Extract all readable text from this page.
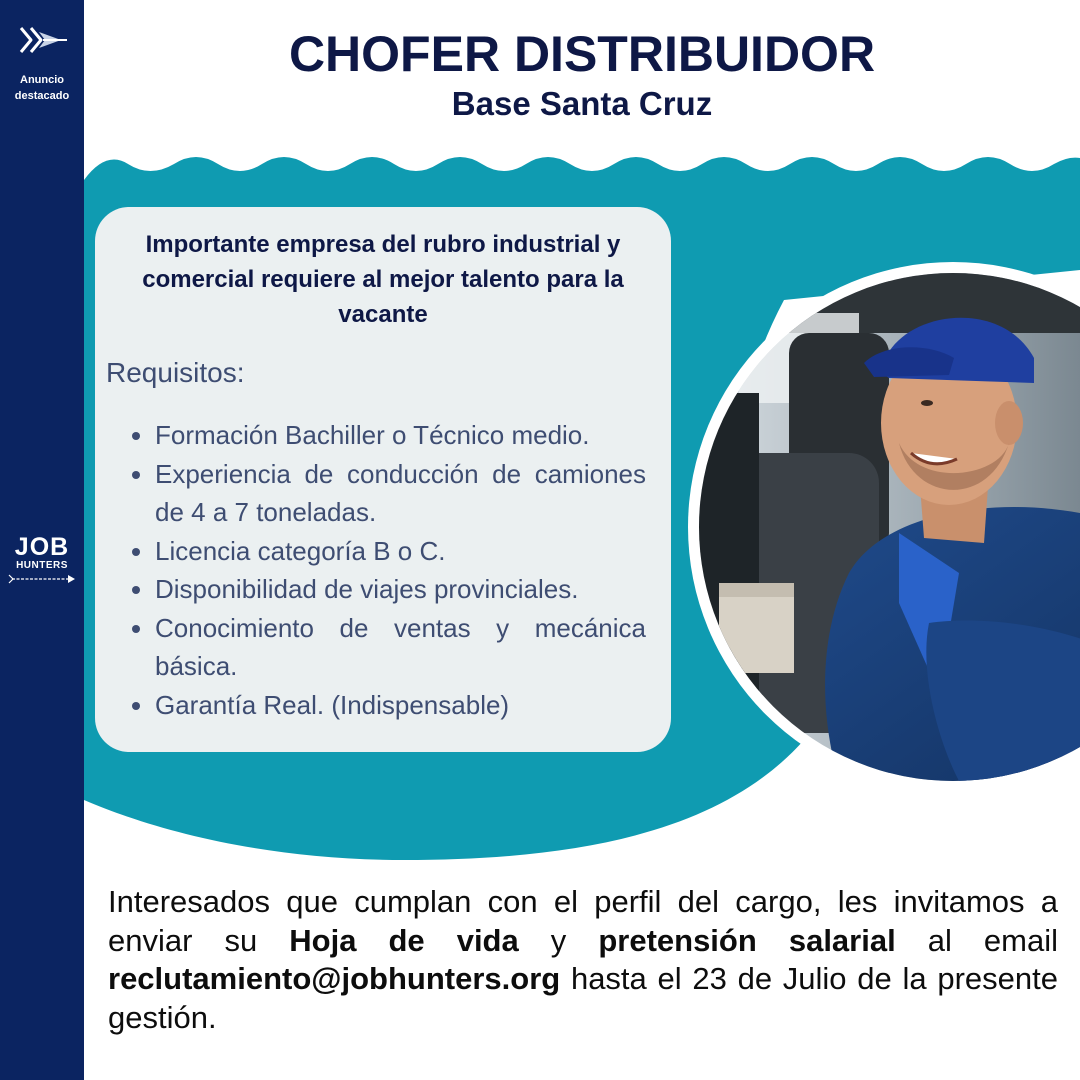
Anuncio
destacado
JOB
HUNTERS
CHOFER DISTRIBUIDOR
Base Santa Cruz
Importante empresa del rubro industrial y comercial requiere al mejor talento para la vacante
Requisitos:
• Formación Bachiller o Técnico medio.
• Experiencia de conducción de camiones de 4 a 7 toneladas.
• Licencia categoría B o C.
• Disponibilidad de viajes provinciales.
• Conocimiento de ventas y mecánica básica.
• Garantía Real. (Indispensable)
Interesados que cumplan con el perfil del cargo, les invitamos a enviar su Hoja de vida y pretensión salarial al email reclutamiento@jobhunters.org hasta el 23 de Julio de la presente gestión.
